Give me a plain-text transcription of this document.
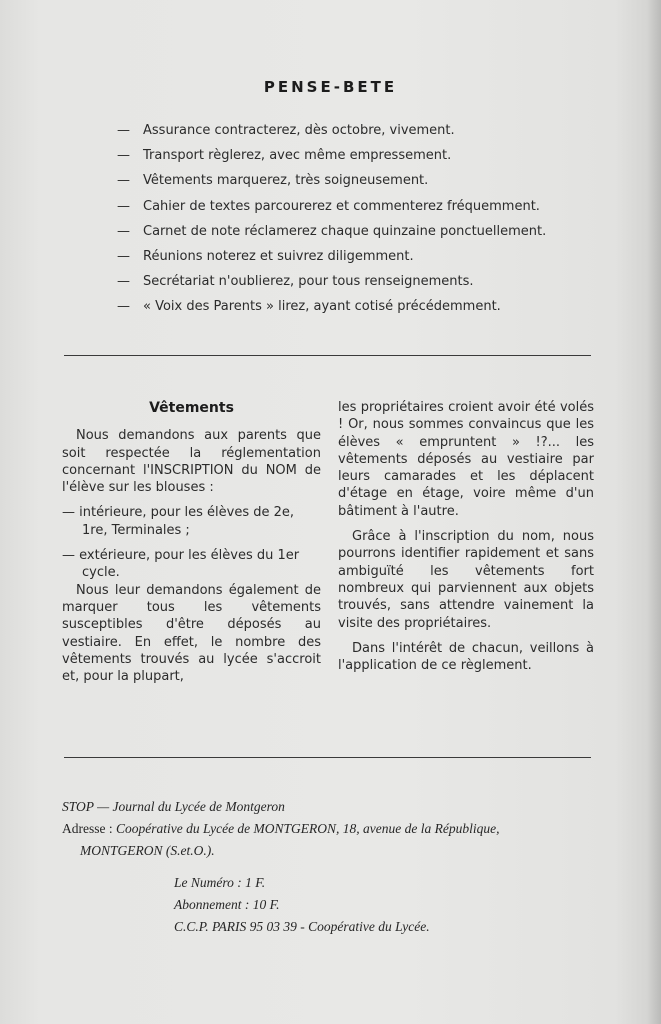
PENSE-BETE
— Assurance contracterez, dès octobre, vivement.
— Transport règlerez, avec même empressement.
— Vêtements marquerez, très soigneusement.
— Cahier de textes parcourerez et commenterez fréquemment.
— Carnet de note réclamerez chaque quinzaine ponctuellement.
— Réunions noterez et suivrez diligemment.
— Secrétariat n'oublierez, pour tous renseignements.
— « Voix des Parents » lirez, ayant cotisé précédemment.
Vêtements

Nous demandons aux parents que soit respectée la réglementation concernant l'INSCRIPTION du NOM de l'élève sur les blouses :

— intérieure, pour les élèves de 2e, 1re, Terminales ;

— extérieure, pour les élèves du 1er cycle.

Nous leur demandons également de marquer tous les vêtements susceptibles d'être déposés au vestiaire. En effet, le nombre des vêtements trouvés au lycée s'accroit et, pour la plupart,

les propriétaires croient avoir été volés ! Or, nous sommes convaincus que les élèves « empruntent » !?... les vêtements déposés au vestiaire par leurs camarades et les déplacent d'étage en étage, voire même d'un bâtiment à l'autre.

Grâce à l'inscription du nom, nous pourrons identifier rapidement et sans ambiguïté les vêtements fort nombreux qui parviennent aux objets trouvés, sans attendre vainement la visite des propriétaires.

Dans l'intérêt de chacun, veillons à l'application de ce règlement.

STOP — Journal du Lycée de Montgeron
Adresse : Coopérative du Lycée de MONTGERON, 18, avenue de la République,
MONTGERON (S.et.O.).
Le Numéro : 1 F.
Abonnement : 10 F.
C.C.P. PARIS 95 03 39 - Coopérative du Lycée.
